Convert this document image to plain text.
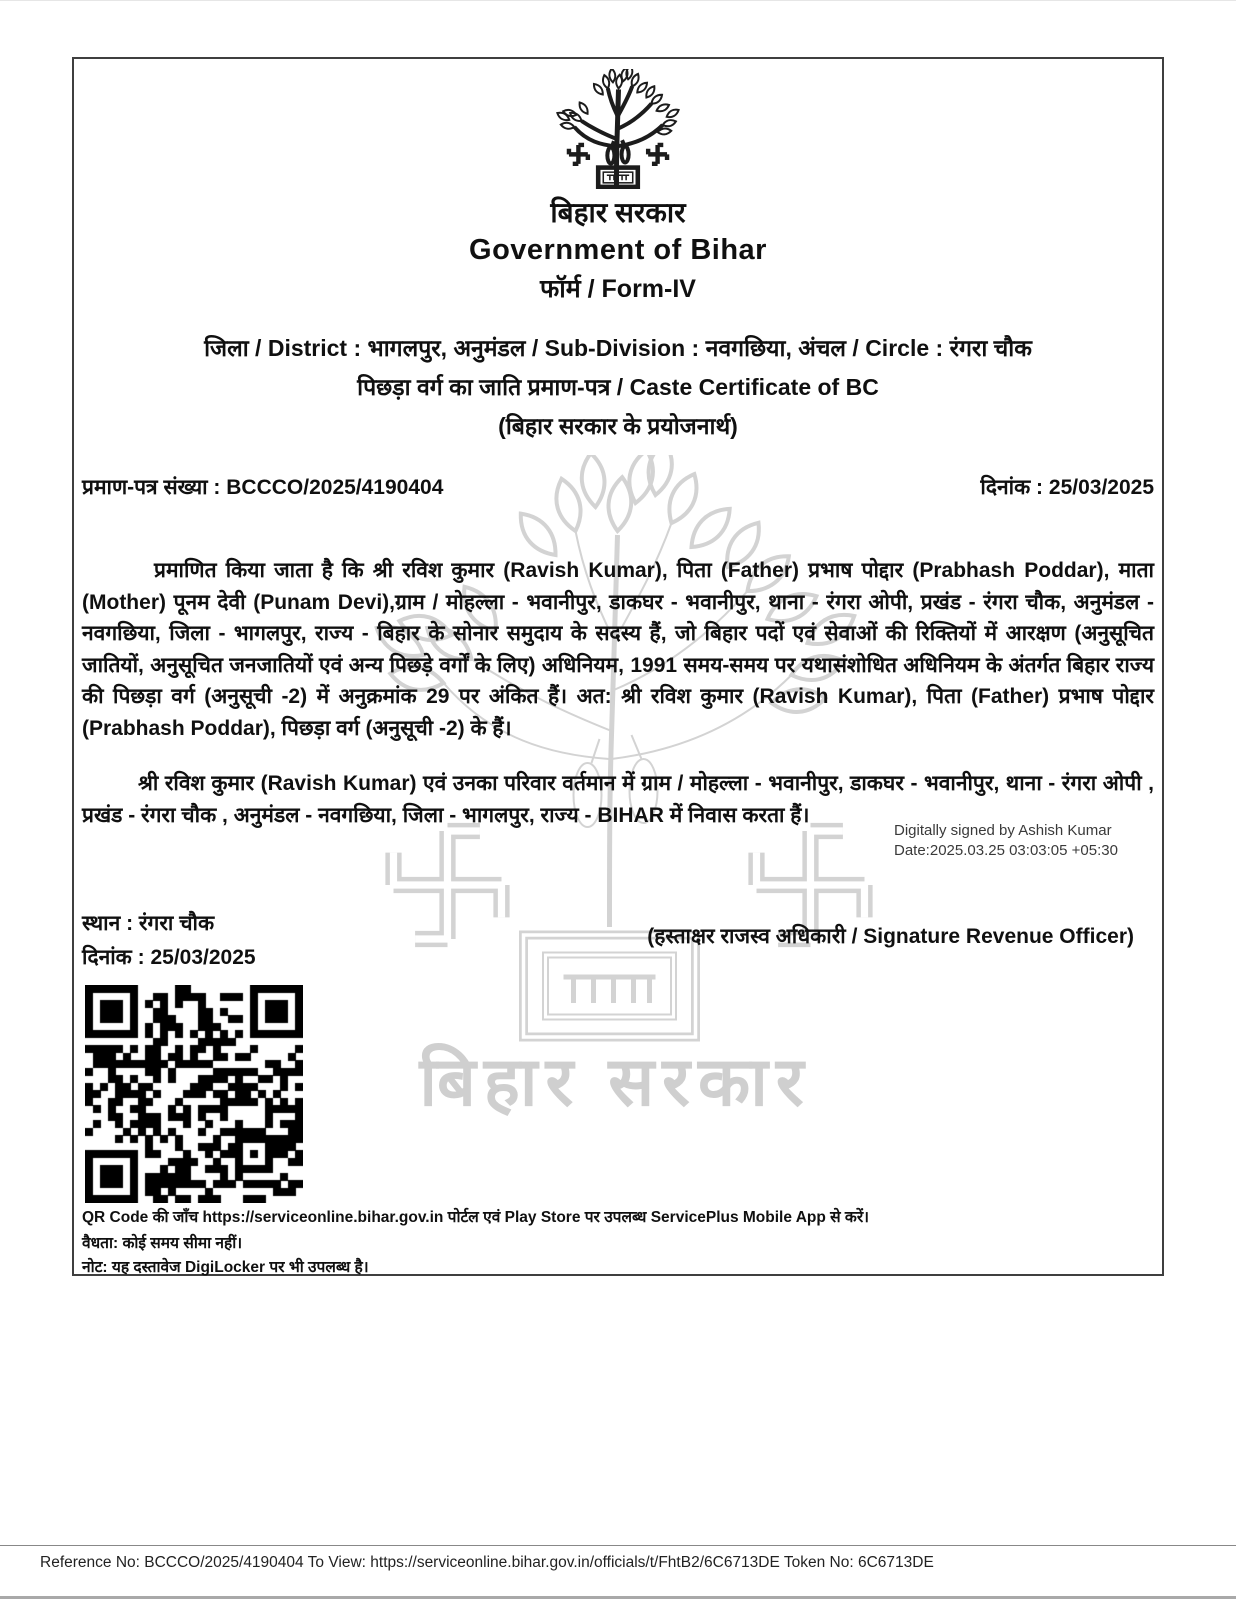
बिहार सरकार
बिहार सरकार
Government of Bihar
फॉर्म / Form-IV
जिला / District : भागलपुर, अनुमंडल / Sub-Division : नवगछिया, अंचल / Circle : रंगरा चौक
पिछड़ा वर्ग का जाति प्रमाण-पत्र / Caste Certificate of BC
(बिहार सरकार के प्रयोजनार्थ)
प्रमाण-पत्र संख्या : BCCCO/2025/4190404	दिनांक : 25/03/2025
प्रमाणित किया जाता है कि श्री रविश कुमार (Ravish Kumar), पिता (Father) प्रभाष पोद्दार (Prabhash Poddar), माता (Mother) पूनम देवी (Punam Devi),ग्राम / मोहल्ला - भवानीपुर, डाकघर - भवानीपुर, थाना - रंगरा ओपी, प्रखंड - रंगरा चौक, अनुमंडल - नवगछिया, जिला - भागलपुर, राज्य - बिहार के सोनार समुदाय के सदस्य हैं, जो बिहार पदों एवं सेवाओं की रिक्तियों में आरक्षण (अनुसूचित जातियों, अनुसूचित जनजातियों एवं अन्य पिछड़े वर्गों के लिए) अधिनियम, 1991 समय-समय पर यथासंशोधित अधिनियम के अंतर्गत बिहार राज्य की पिछड़ा वर्ग (अनुसूची -2) में अनुक्रमांक 29 पर अंकित हैं। अत: श्री रविश कुमार (Ravish Kumar), पिता (Father) प्रभाष पोद्दार (Prabhash Poddar), पिछड़ा वर्ग (अनुसूची -2) के हैं।
श्री रविश कुमार (Ravish Kumar) एवं उनका परिवार वर्तमान में ग्राम / मोहल्ला - भवानीपुर, डाकघर - भवानीपुर, थाना - रंगरा ओपी , प्रखंड - रंगरा चौक , अनुमंडल - नवगछिया, जिला - भागलपुर, राज्य - BIHAR में निवास करता हैं।
Digitally signed by Ashish Kumar
Date:2025.03.25 03:03:05 +05:30
स्थान : रंगरा चौक
दिनांक : 25/03/2025
(हस्ताक्षर राजस्व अधिकारी / Signature Revenue Officer)
QR Code की जाँच https://serviceonline.bihar.gov.in पोर्टल एवं Play Store पर उपलब्ध ServicePlus Mobile App से करें।
वैधता: कोई समय सीमा नहीं।
नोट: यह दस्तावेज DigiLocker पर भी उपलब्ध है।
Reference No: BCCCO/2025/4190404 To View: https://serviceonline.bihar.gov.in/officials/t/FhtB2/6C6713DE Token No: 6C6713DE
